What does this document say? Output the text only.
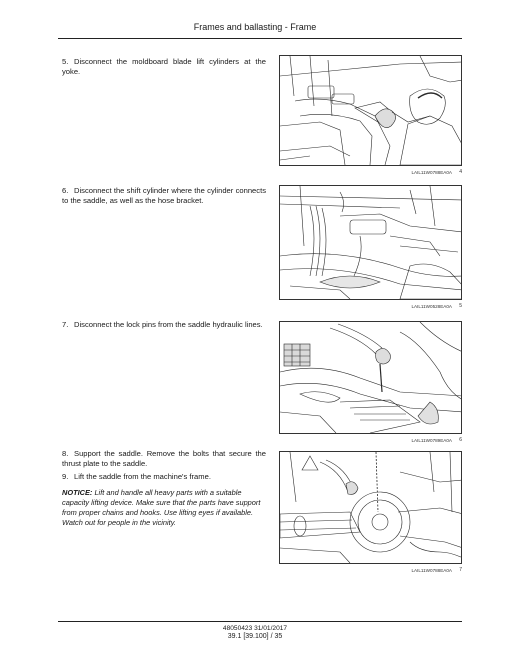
Frames and ballasting - Frame
5. Disconnect the moldboard blade lift cylinders at the yoke.
6. Disconnect the shift cylinder where the cylinder connects to the saddle, as well as the hose bracket.
7. Disconnect the lock pins from the saddle hydraulic lines.
8. Support the saddle. Remove the bolts that secure the thrust plate to the saddle.
9. Lift the saddle from the machine's frame.
NOTICE: Lift and handle all heavy parts with a suitable capacity lifting device. Make sure that the parts have support from proper chains and hooks. Use lifting eyes if available. Watch out for people in the vicinity.
LAIL11W0788EA0A 4
LAIL11W0528EA0A 5
LAIL11W0789EA0A 6
LAIL11W0788EA0A 7
48050423 31/01/2017
39.1 [39.100] / 35
